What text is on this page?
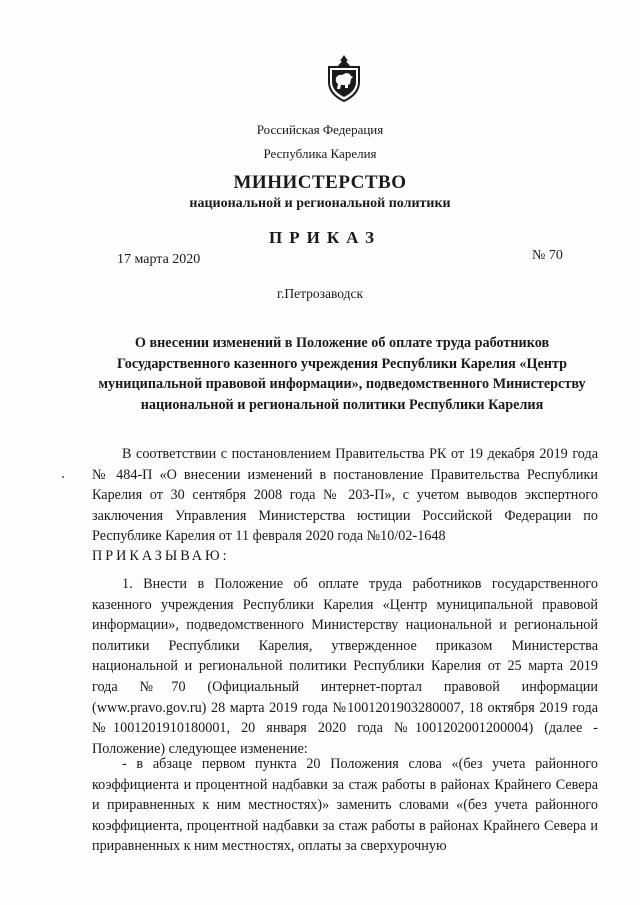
Российская Федерация
Республика Карелия
МИНИСТЕРСТВО
национальной и региональной политики
ПРИКАЗ
17 марта 2020	№ 70
г.Петрозаводск
О внесении изменений в Положение об оплате труда работников Государственного казенного учреждения Республики Карелия «Центр муниципальной правовой информации», подведомственного Министерству национальной и региональной политики Республики Карелия
В соответствии с постановлением Правительства РК от 19 декабря 2019 года № 484-П «О внесении изменений в постановление Правительства Республики Карелия от 30 сентября 2008 года № 203-П», с учетом выводов экспертного заключения Управления Министерства юстиции Российской Федерации по Республике Карелия от 11 февраля 2020 года №10/02-1648
ПРИКАЗЫВАЮ:
1. Внести в Положение об оплате труда работников государственного казенного учреждения Республики Карелия «Центр муниципальной правовой информации», подведомственного Министерству национальной и региональной политики Республики Карелия, утвержденное приказом Министерства национальной и региональной политики Республики Карелия от 25 марта 2019 года №70 (Официальный интернет-портал правовой информации (www.pravo.gov.ru) 28 марта 2019 года №1001201903280007, 18 октября 2019 года №1001201910180001, 20 января 2020 года №1001202001200004) (далее - Положение) следующее изменение:
- в абзаце первом пункта 20 Положения слова «(без учета районного коэффициента и процентной надбавки за стаж работы в районах Крайнего Севера и приравненных к ним местностях)» заменить словами «(без учета районного коэффициента, процентной надбавки за стаж работы в районах Крайнего Севера и приравненных к ним местностях, оплаты за сверхурочную
